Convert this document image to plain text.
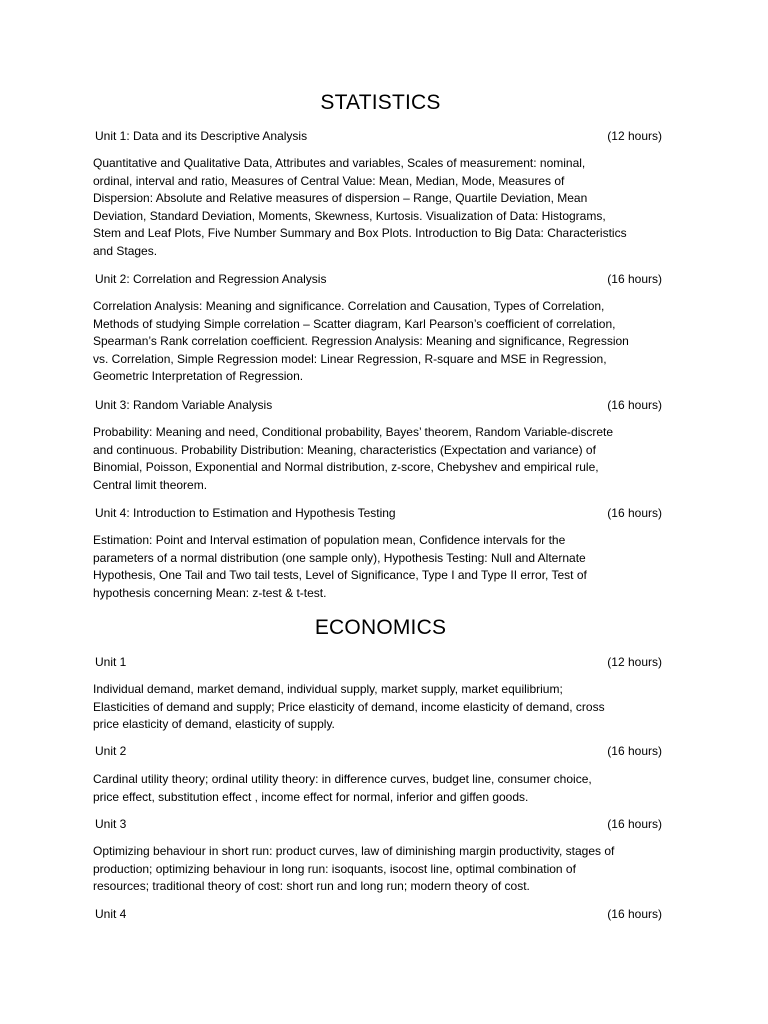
STATISTICS
Unit 1: Data and its Descriptive Analysis	(12 hours)

Quantitative and Qualitative Data, Attributes and variables, Scales of measurement: nominal,
ordinal, interval and ratio, Measures of Central Value: Mean, Median, Mode, Measures of
Dispersion: Absolute and Relative measures of dispersion – Range, Quartile Deviation, Mean
Deviation, Standard Deviation, Moments, Skewness, Kurtosis. Visualization of Data: Histograms,
Stem and Leaf Plots, Five Number Summary and Box Plots. Introduction to Big Data: Characteristics
and Stages.

Unit 2: Correlation and Regression Analysis	(16 hours)

Correlation Analysis: Meaning and significance. Correlation and Causation, Types of Correlation,
Methods of studying Simple correlation – Scatter diagram, Karl Pearson’s coefficient of correlation,
Spearman’s Rank correlation coefficient. Regression Analysis: Meaning and significance, Regression
vs. Correlation, Simple Regression model: Linear Regression, R-square and MSE in Regression,
Geometric Interpretation of Regression.

Unit 3: Random Variable Analysis	(16 hours)

Probability: Meaning and need, Conditional probability, Bayes’ theorem, Random Variable-discrete
and continuous. Probability Distribution: Meaning, characteristics (Expectation and variance) of
Binomial, Poisson, Exponential and Normal distribution, z-score, Chebyshev and empirical rule,
Central limit theorem.

Unit 4: Introduction to Estimation and Hypothesis Testing	(16 hours)

Estimation: Point and Interval estimation of population mean, Confidence intervals for the
parameters of a normal distribution (one sample only), Hypothesis Testing: Null and Alternate
Hypothesis, One Tail and Two tail tests, Level of Significance, Type I and Type II error, Test of
hypothesis concerning Mean: z-test & t-test.

ECONOMICS
Unit 1	(12 hours)

Individual demand, market demand, individual supply, market supply, market equilibrium;
Elasticities of demand and supply; Price elasticity of demand, income elasticity of demand, cross
price elasticity of demand, elasticity of supply.

Unit 2	(16 hours)

Cardinal utility theory; ordinal utility theory: in difference curves, budget line, consumer choice,
price effect, substitution effect , income effect for normal, inferior and giffen goods.

Unit 3	(16 hours)

Optimizing behaviour in short run: product curves, law of diminishing margin productivity, stages of
production; optimizing behaviour in long run: isoquants, isocost line, optimal combination of
resources; traditional theory of cost: short run and long run; modern theory of cost.

Unit 4	(16 hours)
